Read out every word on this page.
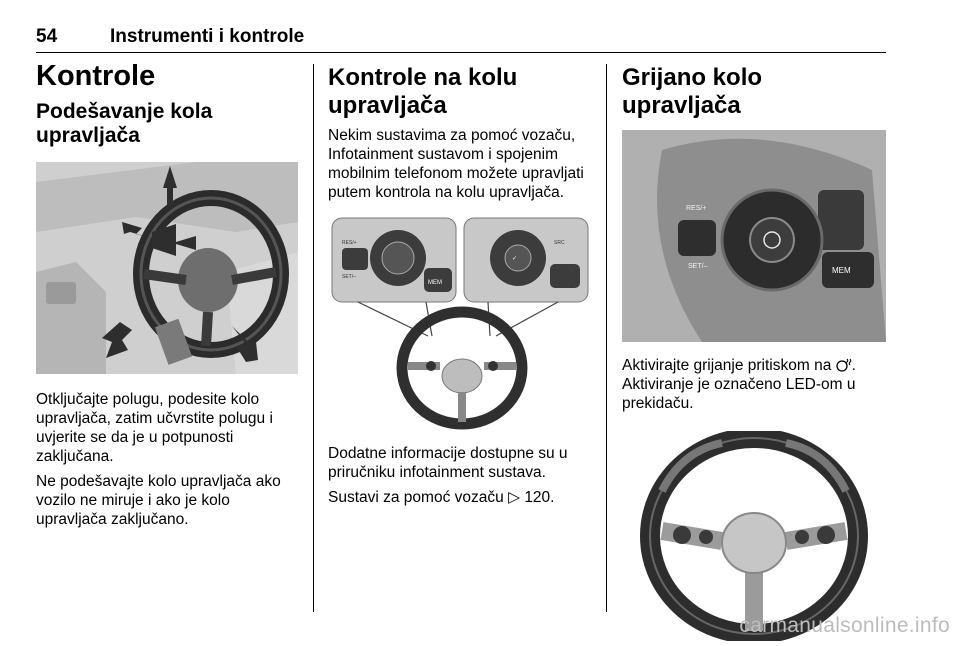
54	Instrumenti i kontrole
Kontrole
Podešavanje kola upravljača

Otključajte polugu, podesite kolo upravljača, zatim učvrstite polugu i uvjerite se da je u potpunosti zaključana.

Ne podešavajte kolo upravljača ako vozilo ne miruje i ako je kolo upravljača zaključano.

Kontrole na kolu upravljača

Nekim sustavima za pomoć vozaču, Infotainment sustavom i spojenim mobilnim telefonom možete upravljati putem kontrola na kolu upravljača.

MEM
RES/+
SET/–
✓
SRC

Dodatne informacije dostupne su u priručniku infotainment sustava.

Sustavi za pomoć vozaču ▷ 120.

Grijano kolo upravljača
MEM
RES/+
SET/–

Aktivirajte grijanje pritiskom na .

Aktiviranje je označeno LED-om u prekidaču.

carmanualsonline.info
